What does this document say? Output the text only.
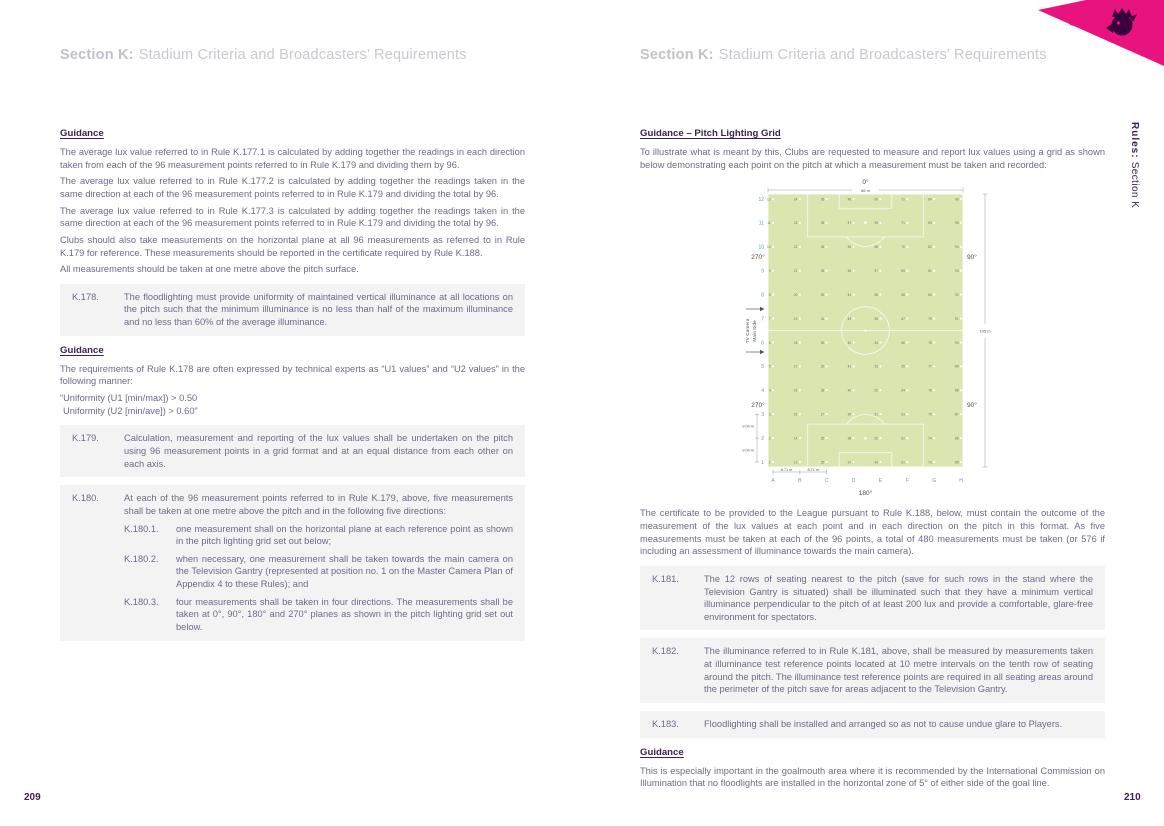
Section K: Stadium Criteria and Broadcasters’ Requirements
Guidance

The average lux value referred to in Rule K.177.1 is calculated by adding together the readings in each direction taken from each of the 96 measurement points referred to in Rule K.179 and dividing them by 96.

The average lux value referred to in Rule K.177.2 is calculated by adding together the readings taken in the same direction at each of the 96 measurement points referred to in Rule K.179 and dividing the total by 96.

The average lux value referred to in Rule K.177.3 is calculated by adding together the readings taken in the same direction at each of the 96 measurement points referred to in Rule K.179 and dividing the total by 96.

Clubs should also take measurements on the horizontal plane at all 96 measurements as referred to in Rule K.179 for reference. These measurements should be reported in the certificate required by Rule K.188.

All measurements should be taken at one metre above the pitch surface.

K.178.	The floodlighting must provide uniformity of maintained vertical illuminance at all locations on the pitch such that the minimum illuminance is no less than half of the maximum illuminance and no less than 60% of the average illuminance.
Guidance

The requirements of Rule K.178 are often expressed by technical experts as “U1 values” and “U2 values” in the following manner:

“Uniformity (U1 [min/max]) > 0.50

Uniformity (U2 [min/ave]) > 0.60”

K.179.	Calculation, measurement and reporting of the lux values shall be undertaken on the pitch using 96 measurement points in a grid format and at an equal distance from each other on each axis.
K.180.	At each of the 96 measurement points referred to in Rule K.179, above, five measurements shall be taken at one metre above the pitch and in the following five directions:
K.180.1.	one measurement shall on the horizontal plane at each reference point as shown in the pitch lighting grid set out below;
K.180.2.	when necessary, one measurement shall be taken towards the main camera on the Television Gantry (represented at position no. 1 on the Master Camera Plan of Appendix 4 to these Rules); and
K.180.3.	four measurements shall be taken in four directions. The measurements shall be taken at 0°, 90°, 180° and 270° planes as shown in the pitch lighting grid set out below.
209
Section K: Stadium Criteria and Broadcasters’ Requirements
Rules: Section K
Guidance – Pitch Lighting Grid

To illustrate what is meant by this, Clubs are requested to measure and report lux values using a grid as shown below demonstrating each point on the pitch at which a measurement must be taken and recorded:

0°
68 m
1
2
3
4
5
6
7
8
9
10
11
12
13
14
15
16
17
18
19
20
21
22
23
24
25
26
27
28
29
30
31
32
33
34
35
36
37
38
39
40
41
42
43
44
45
46
47
48
49
50
51
52
53
54
55
56
57
58
59
60
61
62
63
64
65
66
67
68
69
70
71
72
73
74
75
76
77
78
79
80
81
82
83
84
85
86
87
88
89
90
91
92
93
94
95
96
1
2
3
4
5
6
7
8
9
10
11
12
A	B	C	D	E	F	G	H
270°
270°
90°
90°
180°
105 m
9.04 m
9.04 m
8.71 m	8.71 m
TV Camera Main Side

The certificate to be provided to the League pursuant to Rule K.188, below, must contain the outcome of the measurement of the lux values at each point and in each direction on the pitch in this format. As five measurements must be taken at each of the 96 points, a total of 480 measurements must be taken (or 576 if including an assessment of illuminance towards the main camera).

K.181.	The 12 rows of seating nearest to the pitch (save for such rows in the stand where the Television Gantry is situated) shall be illuminated such that they have a minimum vertical illuminance perpendicular to the pitch of at least 200 lux and provide a comfortable, glare-free environment for spectators.
K.182.	The illuminance referred to in Rule K.181, above, shall be measured by measurements taken at illuminance test reference points located at 10 metre intervals on the tenth row of seating around the pitch. The illuminance test reference points are required in all seating areas around the perimeter of the pitch save for areas adjacent to the Television Gantry.
K.183.	Floodlighting shall be installed and arranged so as not to cause undue glare to Players.
Guidance

This is especially important in the goalmouth area where it is recommended by the International Commission on Illumination that no floodlights are installed in the horizontal zone of 5° of either side of the goal line.

210
